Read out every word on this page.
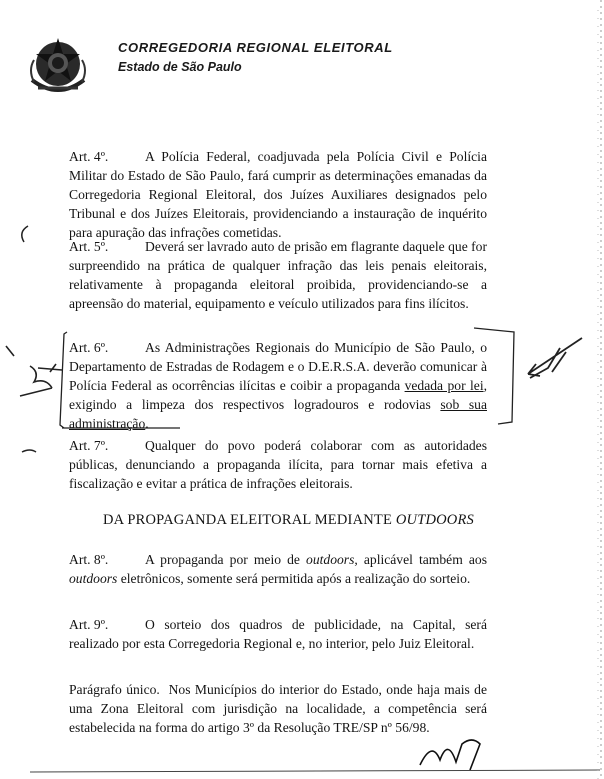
CORREGEDORIA REGIONAL ELEITORAL
Estado de São Paulo
Art. 4º.	A Polícia Federal, coadjuvada pela Polícia Civil e Polícia Militar do Estado de São Paulo, fará cumprir as determinações emanadas da Corregedoria Regional Eleitoral, dos Juízes Auxiliares designados pelo Tribunal e dos Juízes Eleitorais, providenciando a instauração de inquérito para apuração das infrações cometidas.
Art. 5º.	Deverá ser lavrado auto de prisão em flagrante daquele que for surpreendido na prática de qualquer infração das leis penais eleitorais, relativamente à propaganda eleitoral proibida, providenciando-se a apreensão do material, equipamento e veículo utilizados para fins ilícitos.
Art. 6º.	As Administrações Regionais do Município de São Paulo, o Departamento de Estradas de Rodagem e o D.E.R.S.A. deverão comunicar à Polícia Federal as ocorrências ilícitas e coibir a propaganda vedada por lei, exigindo a limpeza dos respectivos logradouros e rodovias sob sua administração.
Art. 7º.	Qualquer do povo poderá colaborar com as autoridades públicas, denunciando a propaganda ilícita, para tornar mais efetiva a fiscalização e evitar a prática de infrações eleitorais.
DA PROPAGANDA ELEITORAL MEDIANTE OUTDOORS
Art. 8º.	A propaganda por meio de outdoors, aplicável também aos outdoors eletrônicos, somente será permitida após a realização do sorteio.
Art. 9º.	O sorteio dos quadros de publicidade, na Capital, será realizado por esta Corregedoria Regional e, no interior, pelo Juiz Eleitoral.
Parágrafo único. Nos Municípios do interior do Estado, onde haja mais de uma Zona Eleitoral com jurisdição na localidade, a competência será estabelecida na forma do artigo 3º da Resolução TRE/SP nº 56/98.
